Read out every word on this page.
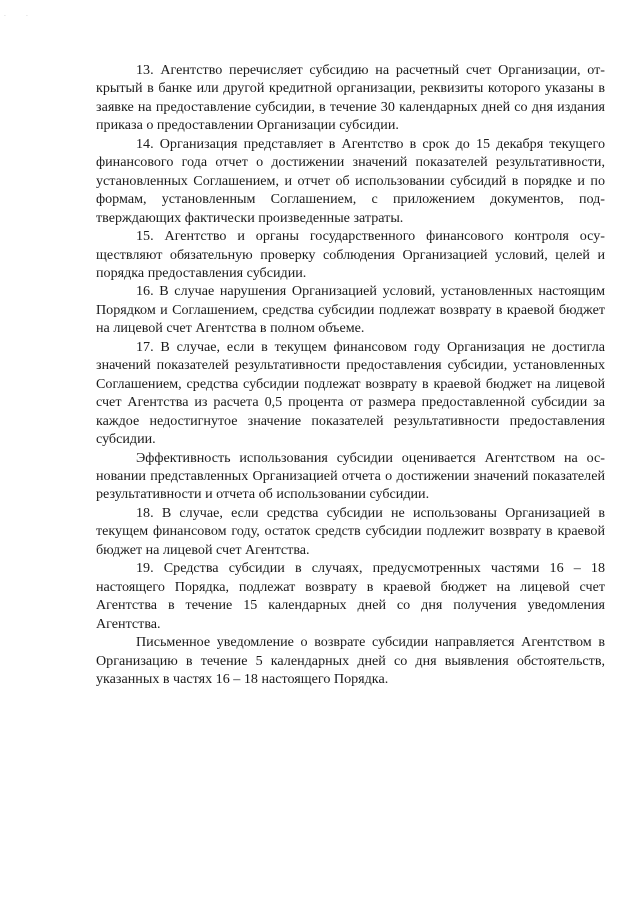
·	·

13. Агентство перечисляет субсидию на расчетный счет Организации, открытый в банке или другой кредитной организации, реквизиты которого указаны в заявке на предоставление субсидии, в течение 30 календарных дней со дня издания приказа о предоставлении Организации субсидии.

14. Организация представляет в Агентство в срок до 15 декабря текущего финансового года отчет о достижении значений показателей результативности, установленных Соглашением, и отчет об использовании субсидий в порядке и по формам, установленным Соглашением, с приложением документов, подтверждающих фактически произведенные затраты.

15. Агентство и органы государственного финансового контроля осуществляют обязательную проверку соблюдения Организацией условий, целей и порядка предоставления субсидии.

16. В случае нарушения Организацией условий, установленных настоящим Порядком и Соглашением, средства субсидии подлежат возврату в краевой бюджет на лицевой счет Агентства в полном объеме.

17. В случае, если в текущем финансовом году Организация не достигла значений показателей результативности предоставления субсидии, установленных Соглашением, средства субсидии подлежат возврату в краевой бюджет на лицевой счет Агентства из расчета 0,5 процента от размера предоставленной субсидии за каждое недостигнутое значение показателей результативности предоставления субсидии.

Эффективность использования субсидии оценивается Агентством на основании представленных Организацией отчета о достижении значений показателей результативности и отчета об использовании субсидии.

18. В случае, если средства субсидии не использованы Организацией в текущем финансовом году, остаток средств субсидии подлежит возврату в краевой бюджет на лицевой счет Агентства.

19. Средства субсидии в случаях, предусмотренных частями 16 – 18 настоящего Порядка, подлежат возврату в краевой бюджет на лицевой счет Агентства в течение 15 календарных дней со дня получения уведомления Агентства.

Письменное уведомление о возврате субсидии направляется Агентством в Организацию в течение 5 календарных дней со дня выявления обстоятельств, указанных в частях 16 – 18 настоящего Порядка.
